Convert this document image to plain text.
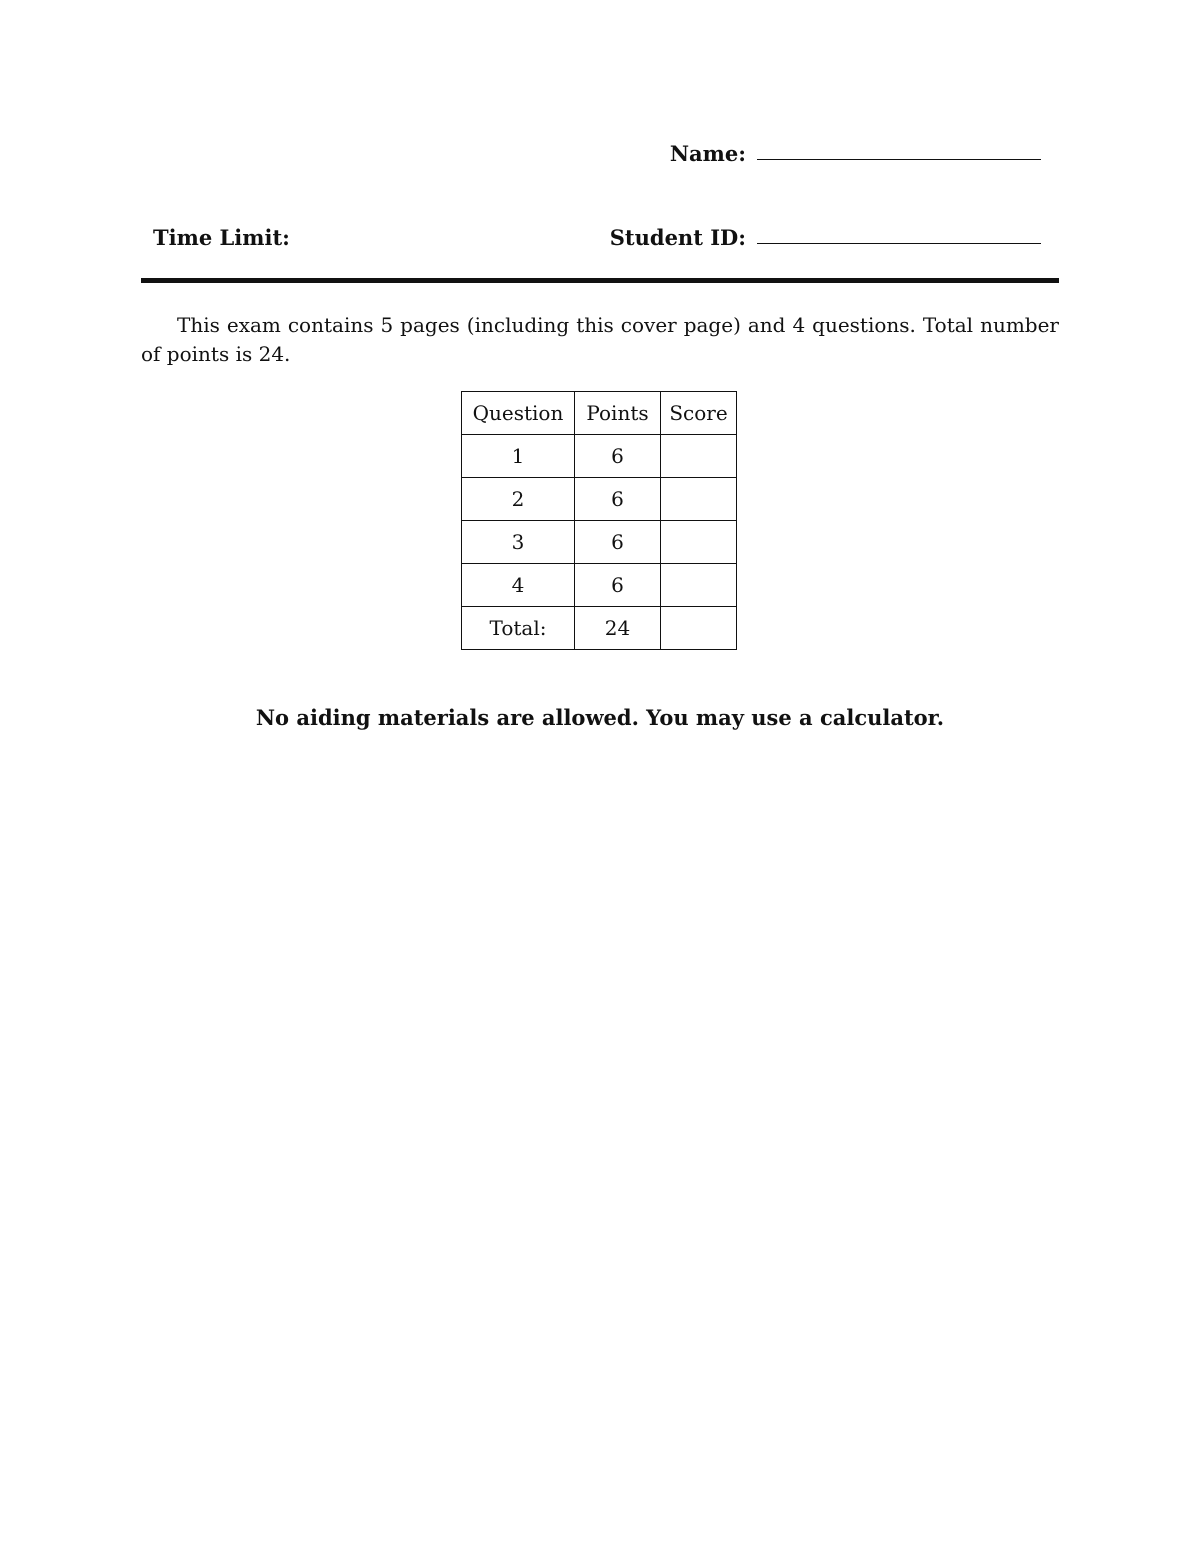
Name:
Time Limit:	Student ID:

This exam contains 5 pages (including this cover page) and 4 questions. Total number of points is 24.

Question	Points	Score
1	6	
2	6	
3	6	
4	6	
Total:	24	
No aiding materials are allowed. You may use a calculator.
